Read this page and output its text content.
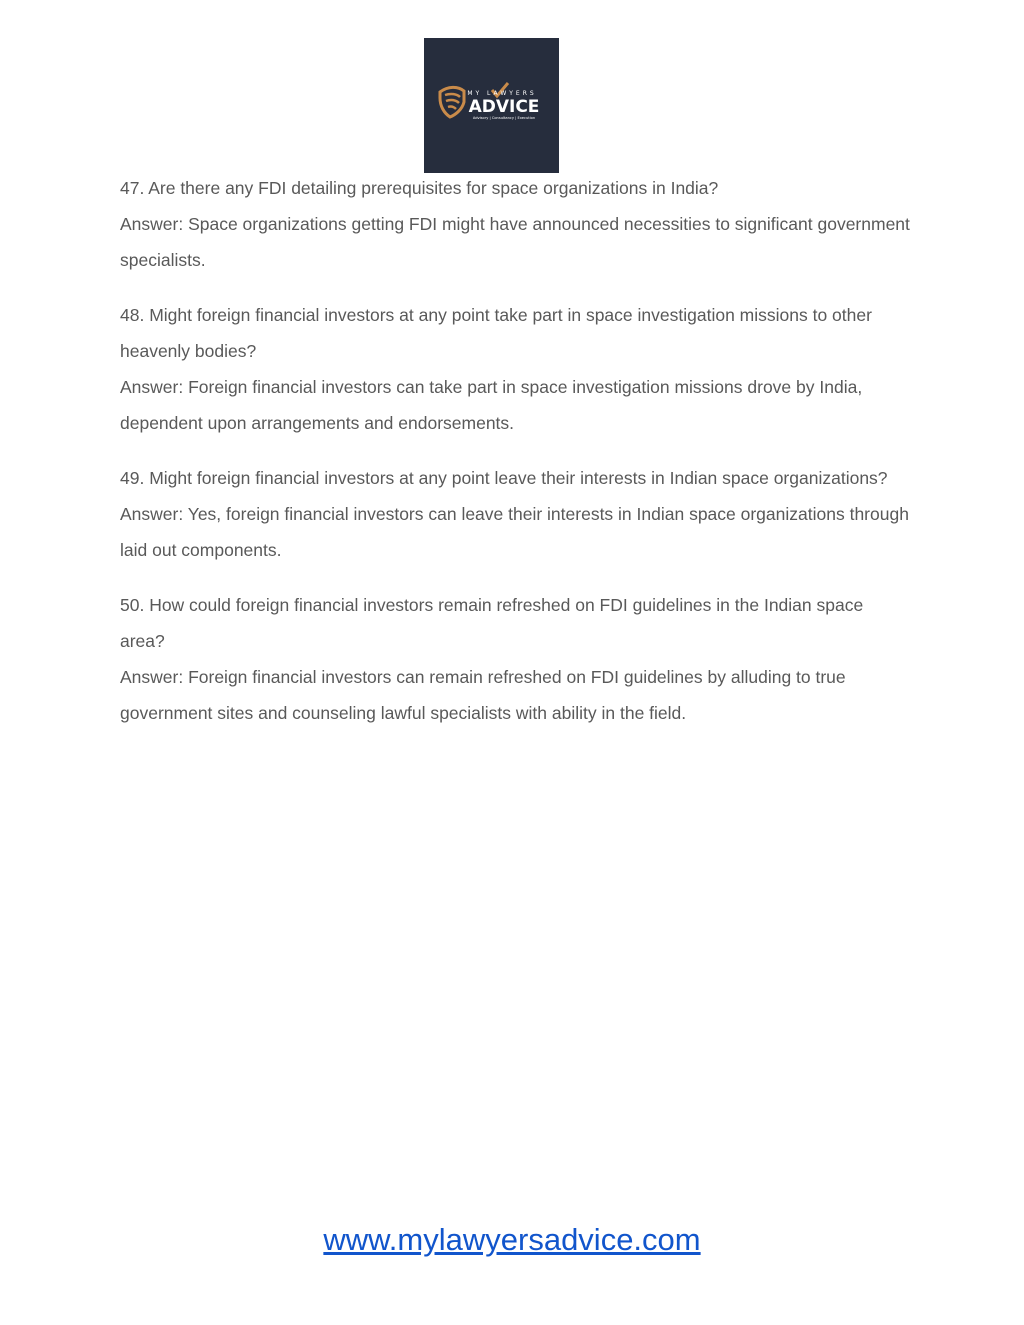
MY LAWYERS
ADVICE
Advisory | Consultancy | Execution

47. Are there any FDI detailing prerequisites for space organizations in India?

Answer: Space organizations getting FDI might have announced necessities to significant government specialists.

48. Might foreign financial investors at any point take part in space investigation missions to other heavenly bodies?

Answer: Foreign financial investors can take part in space investigation missions drove by India, dependent upon arrangements and endorsements.

49. Might foreign financial investors at any point leave their interests in Indian space organizations?

Answer: Yes, foreign financial investors can leave their interests in Indian space organizations through laid out components.

50. How could foreign financial investors remain refreshed on FDI guidelines in the Indian space area?

Answer: Foreign financial investors can remain refreshed on FDI guidelines by alluding to true government sites and counseling lawful specialists with ability in the field.

www.mylawyersadvice.com
